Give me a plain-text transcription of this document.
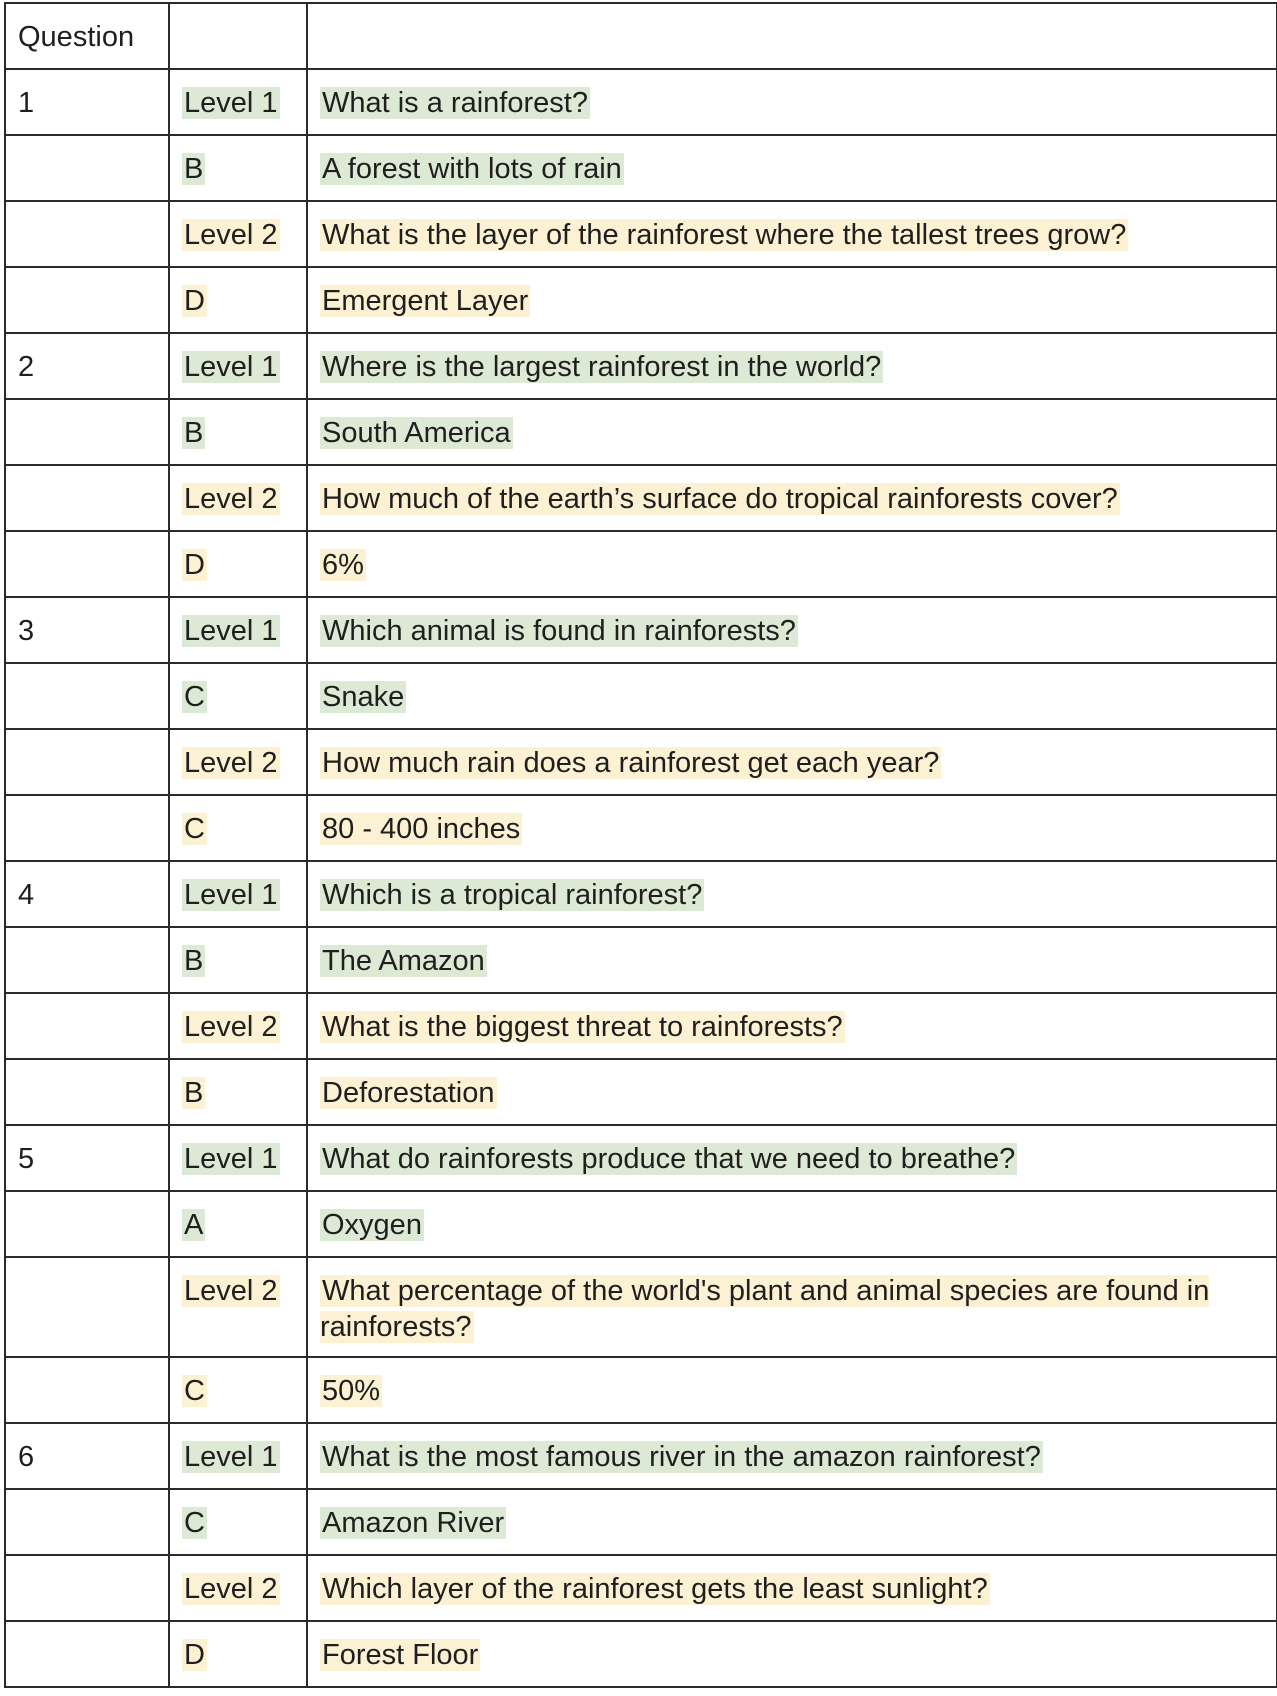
Question		
1	Level 1	What is a rainforest?
	B	A forest with lots of rain
	Level 2	What is the layer of the rainforest where the tallest trees grow?
	D	Emergent Layer
2	Level 1	Where is the largest rainforest in the world?
	B	South America
	Level 2	How much of the earth’s surface do tropical rainforests cover?
	D	6%
3	Level 1	Which animal is found in rainforests?
	C	Snake
	Level 2	How much rain does a rainforest get each year?
	C	80 - 400 inches
4	Level 1	Which is a tropical rainforest?
	B	The Amazon
	Level 2	What is the biggest threat to rainforests?
	B	Deforestation
5	Level 1	What do rainforests produce that we need to breathe?
	A	Oxygen
	Level 2	What percentage of the world's plant and animal species are found in rainforests?
	C	50%
6	Level 1	What is the most famous river in the amazon rainforest?
	C	Amazon River
	Level 2	Which layer of the rainforest gets the least sunlight?
	D	Forest Floor
